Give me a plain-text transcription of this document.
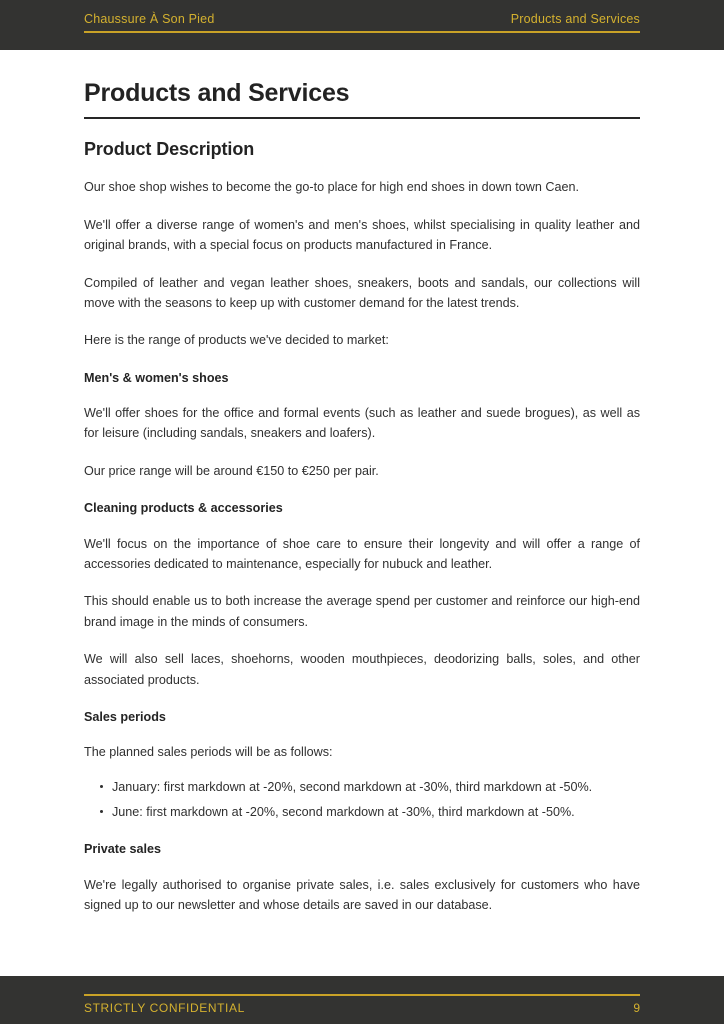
Chaussure À Son Pied	Products and Services
Products and Services
Product Description

Our shoe shop wishes to become the go-to place for high end shoes in down town Caen.

We'll offer a diverse range of women's and men's shoes, whilst specialising in quality leather and original brands, with a special focus on products manufactured in France.

Compiled of leather and vegan leather shoes, sneakers, boots and sandals, our collections will move with the seasons to keep up with customer demand for the latest trends.

Here is the range of products we've decided to market:

Men's & women's shoes

We'll offer shoes for the office and formal events (such as leather and suede brogues), as well as for leisure (including sandals, sneakers and loafers).

Our price range will be around €150 to €250 per pair.

Cleaning products & accessories

We'll focus on the importance of shoe care to ensure their longevity and will offer a range of accessories dedicated to maintenance, especially for nubuck and leather.

This should enable us to both increase the average spend per customer and reinforce our high-end brand image in the minds of consumers.

We will also sell laces, shoehorns, wooden mouthpieces, deodorizing balls, soles, and other associated products.

Sales periods

The planned sales periods will be as follows:

January: first markdown at -20%, second markdown at -30%, third markdown at -50%.
June: first markdown at -20%, second markdown at -30%, third markdown at -50%.
Private sales

We're legally authorised to organise private sales, i.e. sales exclusively for customers who have signed up to our newsletter and whose details are saved in our database.

STRICTLY CONFIDENTIAL	9
